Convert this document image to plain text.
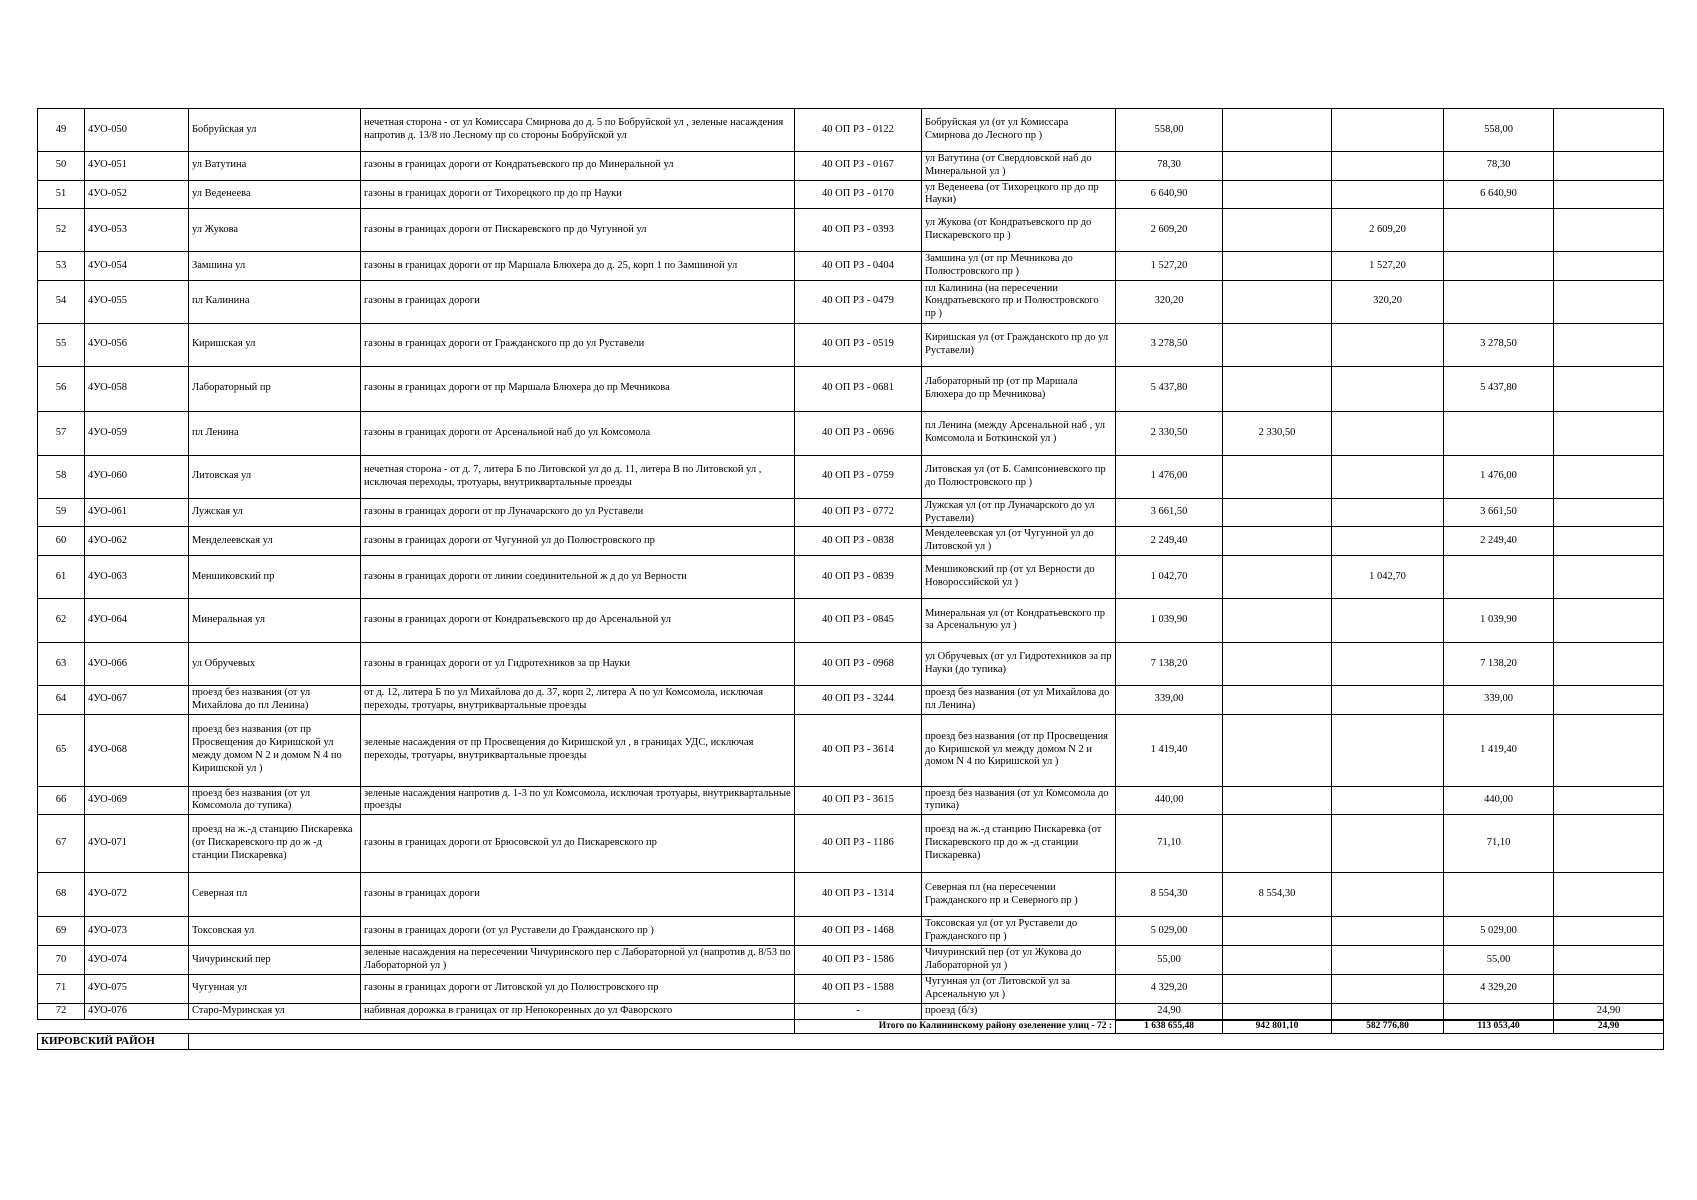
49	4УО-050	Бобруйская ул	нечетная сторона - от ул Комиссара Смирнова до д. 5 по Бобруйской ул , зеленые насаждения напротив д. 13/8 по Лесному пр со стороны Бобруйской ул	40 ОП РЗ - 0122	Бобруйская ул (от ул Комиссара Смирнова до Лесного пр )	558,00			558,00	
50	4УО-051	ул Ватутина	газоны в границах дороги от Кондратьевского пр до Минеральной ул	40 ОП РЗ - 0167	ул Ватутина (от Свердловской наб до Минеральной ул )	78,30			78,30	
51	4УО-052	ул Веденеева	газоны в границах дороги от Тихорецкого пр до пр Науки	40 ОП РЗ - 0170	ул Веденеева (от Тихорецкого пр до пр Науки)	6 640,90			6 640,90	
52	4УО-053	ул Жукова	газоны в границах дороги от Пискаревского пр до Чугунной ул	40 ОП РЗ - 0393	ул Жукова (от Кондратьевского пр до Пискаревского пр )	2 609,20		2 609,20		
53	4УО-054	Замшина ул	газоны в границах дороги от пр Маршала Блюхера до д. 25, корп 1 по Замшиной ул	40 ОП РЗ - 0404	Замшина ул (от пр Мечникова до Полюстровского пр )	1 527,20		1 527,20		
54	4УО-055	пл Калинина	газоны в границах дороги	40 ОП РЗ - 0479	пл Калинина (на пересечении Кондратьевского пр и Полюстровского пр )	320,20		320,20		
55	4УО-056	Киришская ул	газоны в границах дороги от Гражданского пр до ул Руставели	40 ОП РЗ - 0519	Киришская ул (от Гражданского пр до ул Руставели)	3 278,50			3 278,50	
56	4УО-058	Лабораторный пр	газоны в границах дороги от пр Маршала Блюхера до пр Мечникова	40 ОП РЗ - 0681	Лабораторный пр (от пр Маршала Блюхера до пр Мечникова)	5 437,80			5 437,80	
57	4УО-059	пл Ленина	газоны в границах дороги от Арсенальной наб до ул Комсомола	40 ОП РЗ - 0696	пл Ленина (между Арсенальной наб , ул Комсомола и Боткинской ул )	2 330,50	2 330,50			
58	4УО-060	Литовская ул	нечетная сторона - от д. 7, литера Б по Литовской ул до д. 11, литера В по Литовской ул , исключая переходы, тротуары, внутриквартальные проезды	40 ОП РЗ - 0759	Литовская ул (от Б. Сампсониевского пр до Полюстровского пр )	1 476,00			1 476,00	
59	4УО-061	Лужская ул	газоны в границах дороги от пр Луначарского до ул Руставели	40 ОП РЗ - 0772	Лужская ул (от пр Луначарского до ул Руставели)	3 661,50			3 661,50	
60	4УО-062	Менделеевская ул	газоны в границах дороги от Чугунной ул до Полюстровского пр	40 ОП РЗ - 0838	Менделеевская ул (от Чугунной ул до Литовской ул )	2 249,40			2 249,40	
61	4УО-063	Меншиковский пр	газоны в границах дороги от линии соединительной ж д до ул Верности	40 ОП РЗ - 0839	Меншиковский пр (от ул Верности до Новороссийской ул )	1 042,70		1 042,70		
62	4УО-064	Минеральная ул	газоны в границах дороги от Кондратьевского пр до Арсенальной ул	40 ОП РЗ - 0845	Минеральная ул (от Кондратьевского пр за Арсенальную ул )	1 039,90			1 039,90	
63	4УО-066	ул Обручевых	газоны в границах дороги от ул Гидротехников за пр Науки	40 ОП РЗ - 0968	ул Обручевых (от ул Гидротехников за пр Науки (до тупика)	7 138,20			7 138,20	
64	4УО-067	проезд без названия (от ул Михайлова до пл Ленина)	от д. 12, литера Б по ул Михайлова до д. 37, корп 2, литера А по ул Комсомола, исключая переходы, тротуары, внутриквартальные проезды	40 ОП РЗ - 3244	проезд без названия (от ул Михайлова до пл Ленина)	339,00			339,00	
65	4УО-068	проезд без названия (от пр Просвещения до Киришской ул между домом N 2 и домом N 4 по Киришской ул )	зеленые насаждения от пр Просвещения до Киришской ул , в границах УДС, исключая переходы, тротуары, внутриквартальные проезды	40 ОП РЗ - 3614	проезд без названия (от пр Просвещения до Киришской ул между домом N 2 и домом N 4 по Киришской ул )	1 419,40			1 419,40	
66	4УО-069	проезд без названия (от ул Комсомола до тупика)	зеленые насаждения напротив д. 1-3 по ул Комсомола, исключая тротуары, внутриквартальные проезды	40 ОП РЗ - 3615	проезд без названия (от ул Комсомола до тупика)	440,00			440,00	
67	4УО-071	проезд на ж.-д станцию Пискаревка (от Пискаревского пр до ж -д станции Пискаревка)	газоны в границах дороги от Брюсовской ул до Пискаревского пр	40 ОП РЗ - 1186	проезд на ж.-д станцию Пискаревка (от Пискаревского пр до ж -д станции Пискаревка)	71,10			71,10	
68	4УО-072	Северная пл	газоны в границах дороги	40 ОП РЗ - 1314	Северная пл (на пересечении Гражданского пр и Северного пр )	8 554,30	8 554,30			
69	4УО-073	Токсовская ул	газоны в границах дороги (от ул Руставели до Гражданского пр )	40 ОП РЗ - 1468	Токсовская ул (от ул Руставели до Гражданского пр )	5 029,00			5 029,00	
70	4УО-074	Чичуринский пер	зеленые насаждения на пересечении Чичуринского пер с Лабораторной ул (напротив д. 8/53 по Лабораторной ул )	40 ОП РЗ - 1586	Чичуринский пер (от ул Жукова до Лабораторной ул )	55,00			55,00	
71	4УО-075	Чугунная ул	газоны в границах дороги от Литовской ул до Полюстровского пр	40 ОП РЗ - 1588	Чугунная ул (от Литовской ул за Арсенальную ул )	4 329,20			4 329,20	
72	4УО-076	Старо-Муринская ул	набивная дорожка в границах от пр Непокоренных до ул Фаворского	-	проезд (б/з)	24,90				24,90
				Итого по Калининскому району озеленение улиц - 72 :		1 638 655,48	942 801,10	582 776,80	113 053,40	24,90
КИРОВСКИЙ РАЙОН										
